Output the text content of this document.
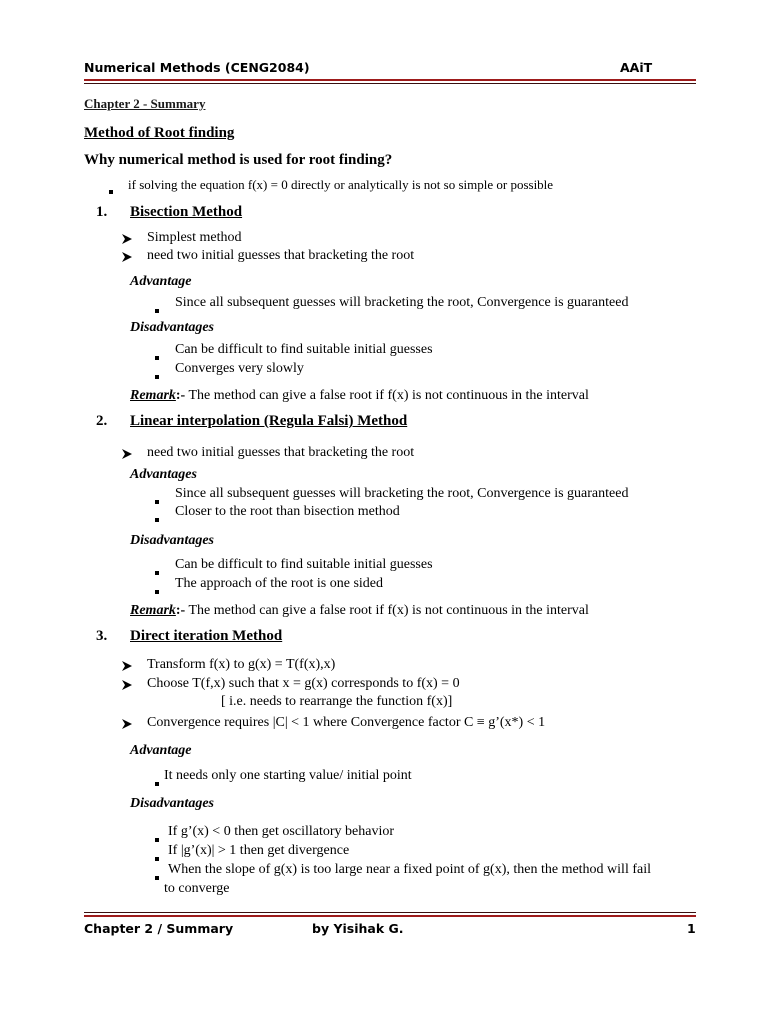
Numerical Methods (CENG2084)	AAiT
Chapter 2 - Summary
Method of Root finding
Why numerical method is used for root finding?
if solving the equation f(x) = 0 directly or analytically is not so simple or possible
1. Bisection Method
Simplest method
need two initial guesses that bracketing the root
Advantage
Since all subsequent guesses will bracketing the root, Convergence is guaranteed
Disadvantages
Can be difficult to find suitable initial guesses
Converges very slowly
Remark:- The method can give a false root if f(x) is not continuous in the interval
2. Linear interpolation (Regula Falsi) Method
need two initial guesses that bracketing the root
Advantages
Since all subsequent guesses will bracketing the root, Convergence is guaranteed
Closer to the root than bisection method
Disadvantages
Can be difficult to find suitable initial guesses
The approach of the root is one sided
Remark:- The method can give a false root if f(x) is not continuous in the interval
3. Direct iteration Method
Transform f(x) to g(x) = T(f(x),x)
Choose T(f,x) such that x = g(x) corresponds to f(x) = 0
[ i.e. needs to rearrange the function f(x)]
Convergence requires |C| < 1 where Convergence factor C ≡ g’(x*) < 1
Advantage
It needs only one starting value/ initial point
Disadvantages
If g’(x) < 0 then get oscillatory behavior
If |g’(x)| > 1 then get divergence
When the slope of g(x) is too large near a fixed point of g(x), then the method will fail
to converge
Chapter 2 / Summary	by Yisihak G.	1
